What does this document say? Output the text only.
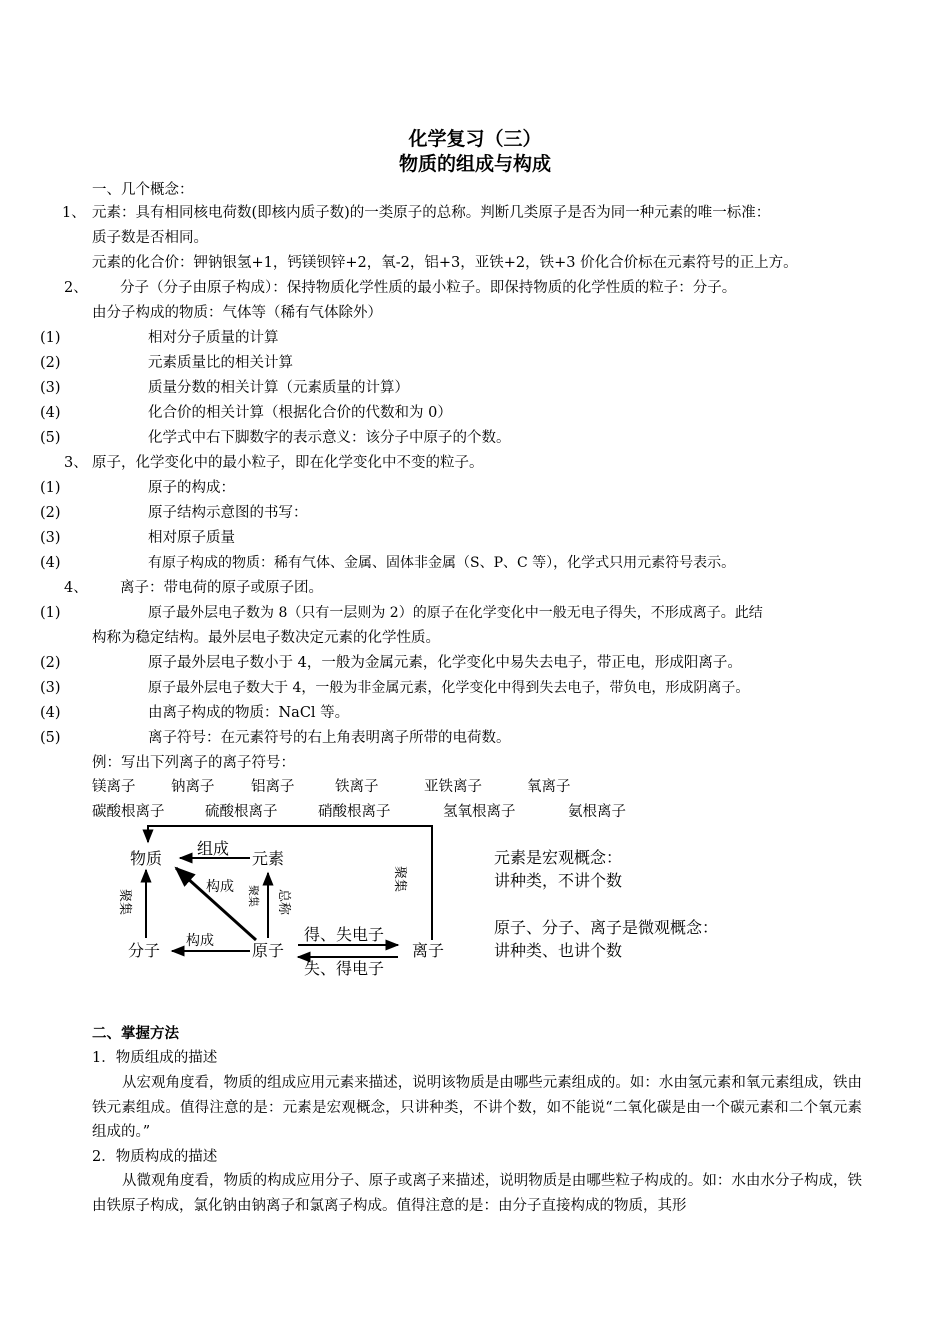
化学复习（三）
物质的组成与构成
一、几个概念：
1、 元素：具有相同核电荷数(即核内质子数)的一类原子的总称。判断几类原子是否为同一种元素的唯一标准：
质子数是否相同。
元素的化合价：钾钠银氢+1，钙镁钡锌+2，氧-2，铝+3，亚铁+2，铁+3 价化合价标在元素符号的正上方。
2、 分子（分子由原子构成）：保持物质化学性质的最小粒子。即保持物质的化学性质的粒子：分子。
由分子构成的物质：气体等（稀有气体除外）
(1)	相对分子质量的计算
(2)	元素质量比的相关计算
(3)	质量分数的相关计算（元素质量的计算）
(4)	化合价的相关计算（根据化合价的代数和为 0）
(5)	化学式中右下脚数字的表示意义：该分子中原子的个数。
3、 原子，化学变化中的最小粒子，即在化学变化中不变的粒子。
(1)	原子的构成：
(2)	原子结构示意图的书写：
(3)	相对原子质量
(4)	有原子构成的物质：稀有气体、金属、固体非金属（S、P、C 等），化学式只用元素符号表示。
4、 离子：带电荷的原子或原子团。
(1)	原子最外层电子数为 8（只有一层则为 2）的原子在化学变化中一般无电子得失，不形成离子。此结
构称为稳定结构。最外层电子数决定元素的化学性质。
(2)	原子最外层电子数小于 4，一般为金属元素，化学变化中易失去电子，带正电，形成阳离子。
(3)	原子最外层电子数大于 4，一般为非金属元素，化学变化中得到失去电子，带负电，形成阴离子。
(4)	由离子构成的物质：NaCl 等。
(5)	离子符号：在元素符号的右上角表明离子所带的电荷数。
例：写出下列离子的离子符号：
镁离子 钠离子	铝离子	铁离子	亚铁离子	氧离子
碳酸根离子	硫酸根离子	硝酸根离子	氢氧根离子	氨根离子
物质	元素
分子	原子	离子
组成
构成
构成	得、失电子
失、得电子
聚集	总称
聚集
聚集
元素是宏观概念：
讲种类，不讲个数
原子、分子、离子是微观概念：
讲种类、也讲个数
二、掌握方法
1．物质组成的描述
从宏观角度看，物质的组成应用元素来描述，说明该物质是由哪些元素组成的。如：水由氢元素和氧元素组成，铁由铁元素组成。值得注意的是：元素是宏观概念，只讲种类，不讲个数，如不能说“二氧化碳是由一个碳元素和二个氧元素组成的。”
2．物质构成的描述
从微观角度看，物质的构成应用分子、原子或离子来描述，说明物质是由哪些粒子构成的。如：水由水分子构成，铁由铁原子构成，氯化钠由钠离子和氯离子构成。值得注意的是：由分子直接构成的物质，其形
